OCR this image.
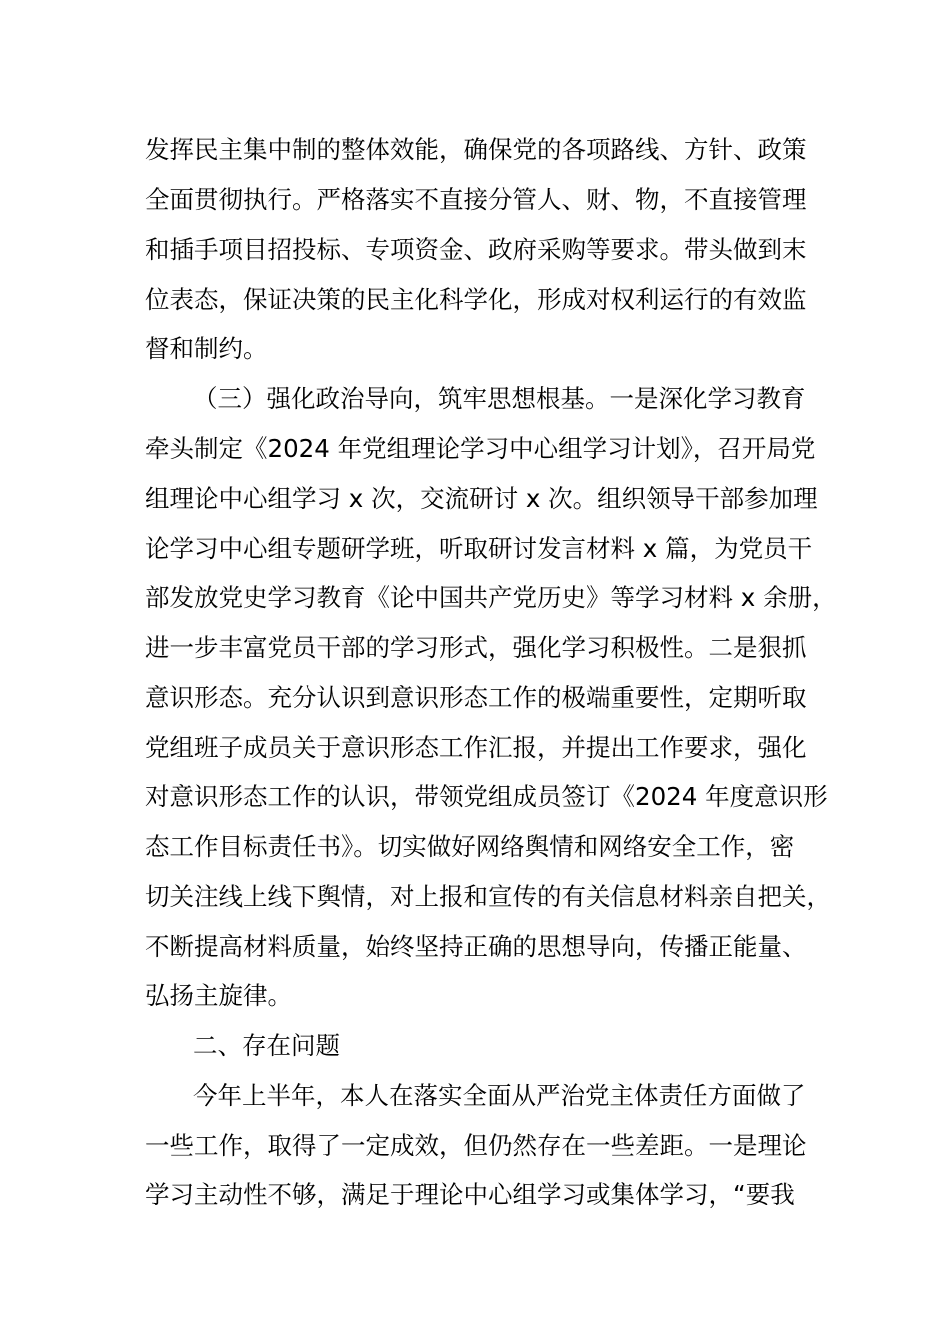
发挥民主集中制的整体效能，确保党的各项路线、方针、政策
全面贯彻执行。严格落实不直接分管人、财、物，不直接管理
和插手项目招投标、专项资金、政府采购等要求。带头做到末
位表态，保证决策的民主化科学化，形成对权利运行的有效监
督和制约。
（三）强化政治导向，筑牢思想根基。一是深化学习教育
牵头制定《2024 年党组理论学习中心组学习计划》，召开局党
组理论中心组学习 x 次，交流研讨 x 次。组织领导干部参加理
论学习中心组专题研学班，听取研讨发言材料 x 篇，为党员干
部发放党史学习教育《论中国共产党历史》等学习材料 x 余册，
进一步丰富党员干部的学习形式，强化学习积极性。二是狠抓
意识形态。充分认识到意识形态工作的极端重要性，定期听取
党组班子成员关于意识形态工作汇报，并提出工作要求，强化
对意识形态工作的认识，带领党组成员签订《2024 年度意识形
态工作目标责任书》。切实做好网络舆情和网络安全工作，密
切关注线上线下舆情，对上报和宣传的有关信息材料亲自把关，
不断提高材料质量，始终坚持正确的思想导向，传播正能量、
弘扬主旋律。
二、存在问题
今年上半年，本人在落实全面从严治党主体责任方面做了
一些工作，取得了一定成效，但仍然存在一些差距。一是理论
学习主动性不够，满足于理论中心组学习或集体学习，“要我
